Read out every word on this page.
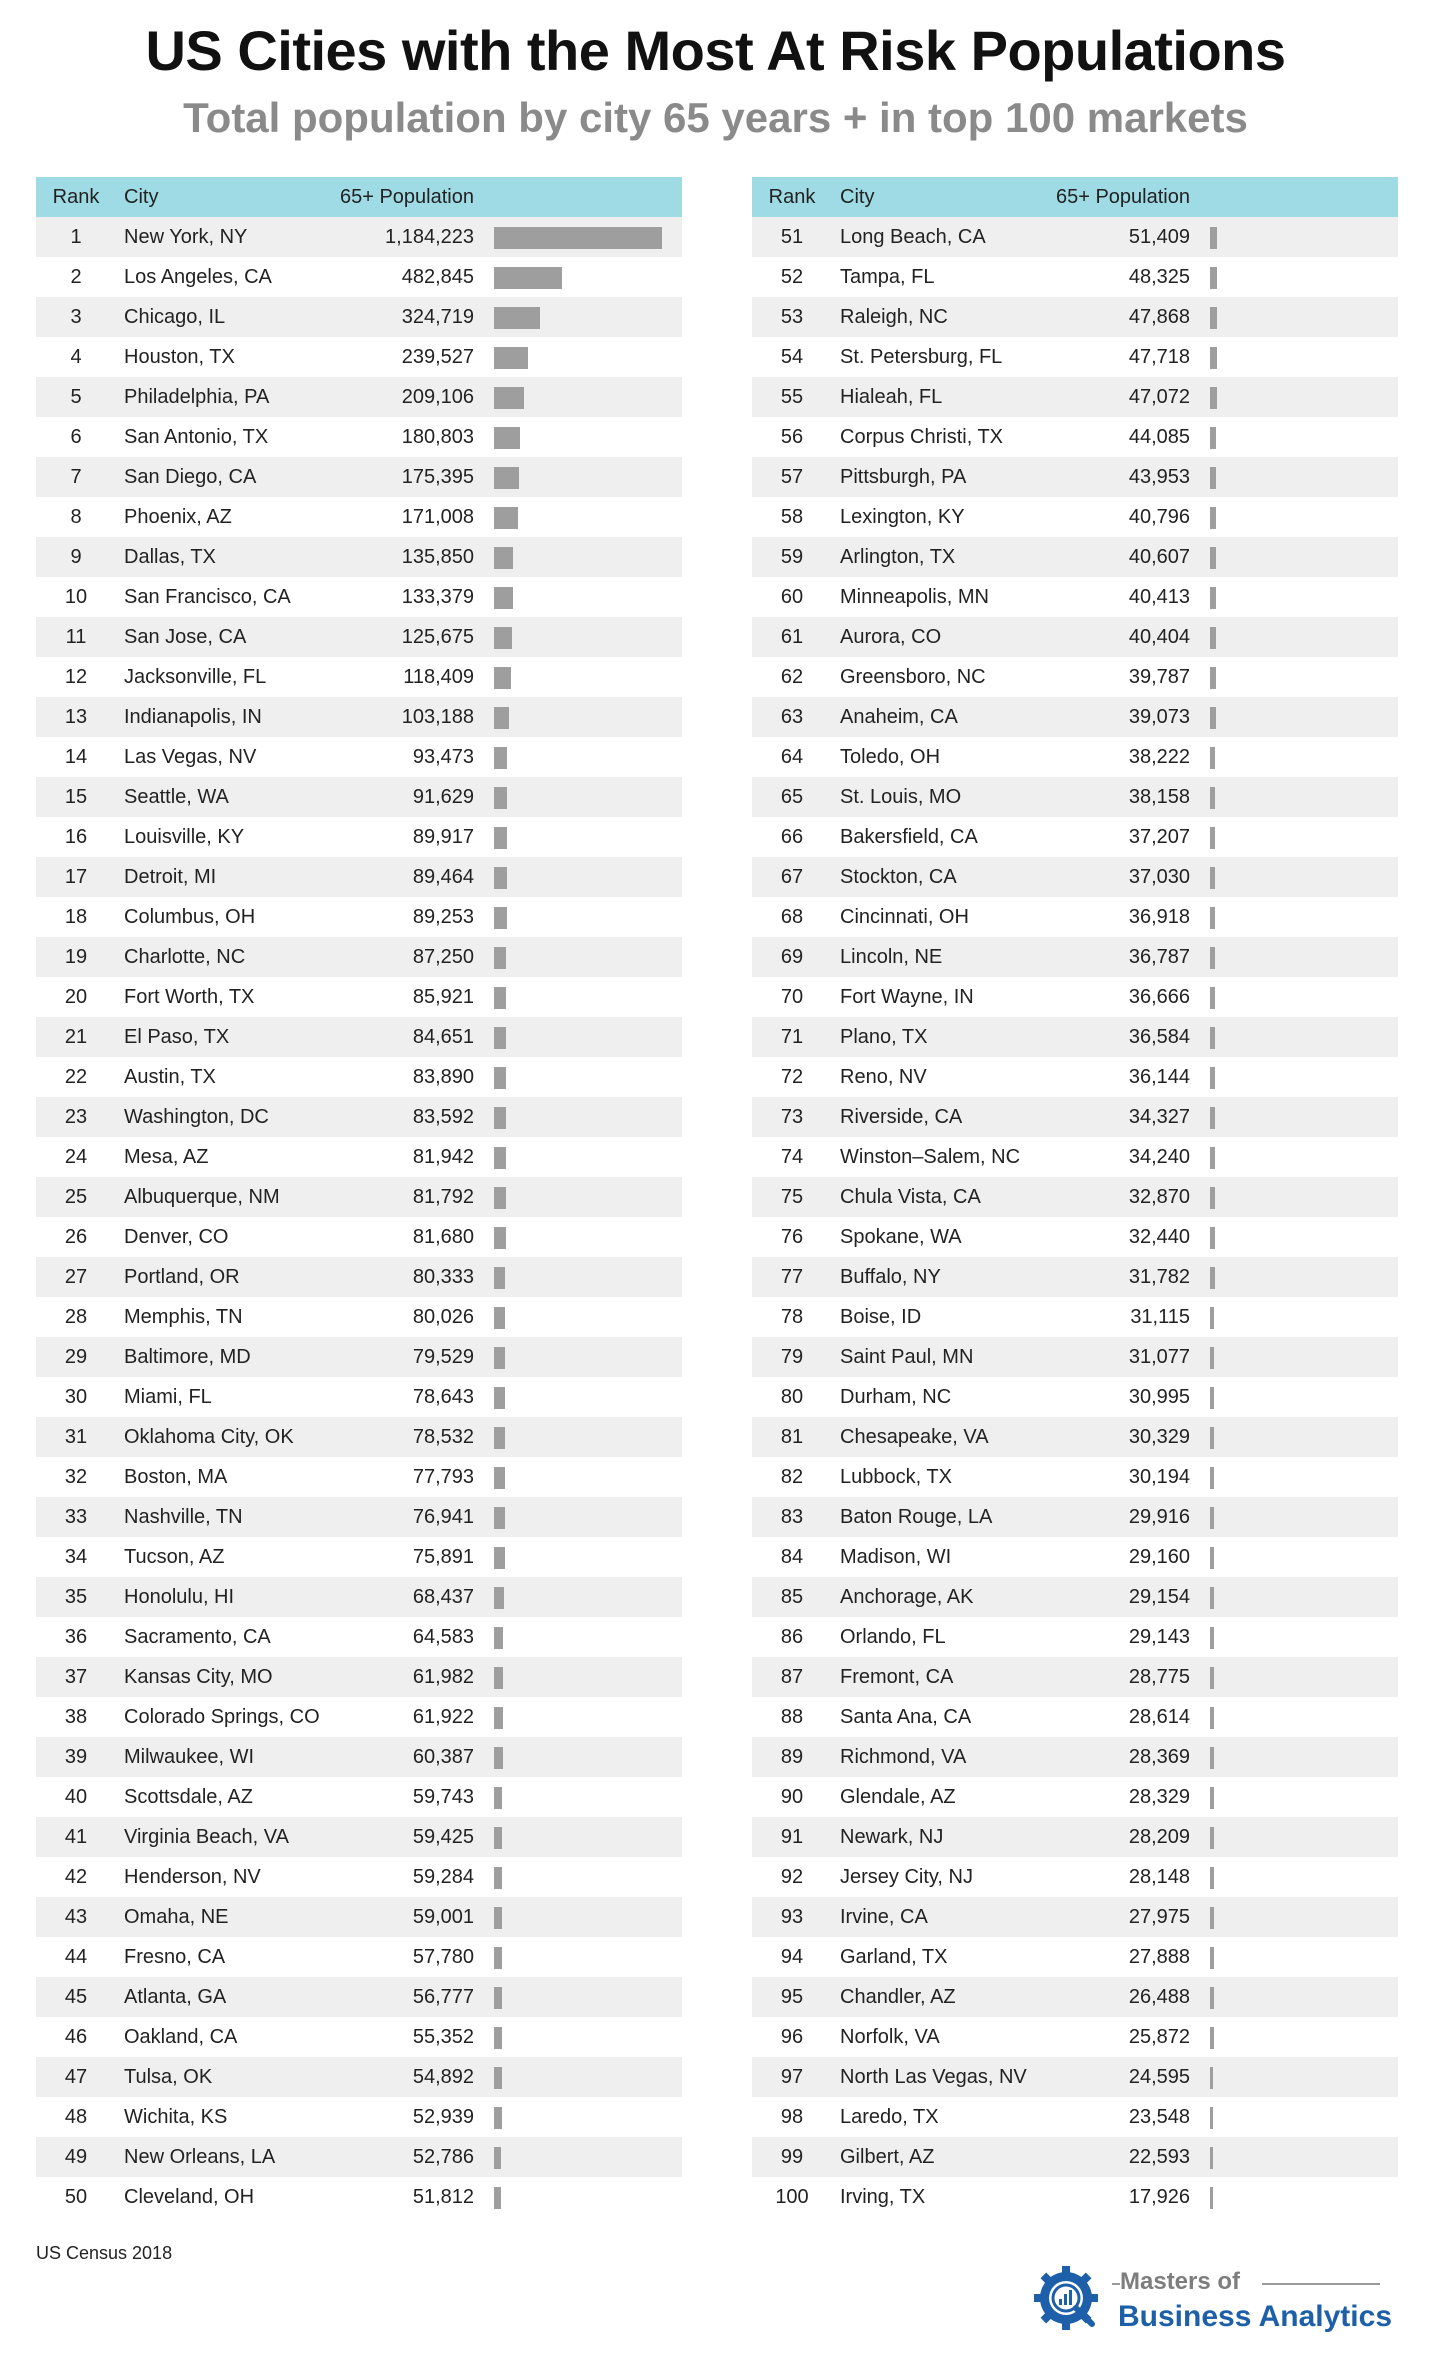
US Cities with the Most At Risk Populations
Total population by city 65 years + in top 100 markets
Rank	City	65+ Population
1	New York, NY	1,184,223
2	Los Angeles, CA	482,845
3	Chicago, IL	324,719
4	Houston, TX	239,527
5	Philadelphia, PA	209,106
6	San Antonio, TX	180,803
7	San Diego, CA	175,395
8	Phoenix, AZ	171,008
9	Dallas, TX	135,850
10	San Francisco, CA	133,379
11	San Jose, CA	125,675
12	Jacksonville, FL	118,409
13	Indianapolis, IN	103,188
14	Las Vegas, NV	93,473
15	Seattle, WA	91,629
16	Louisville, KY	89,917
17	Detroit, MI	89,464
18	Columbus, OH	89,253
19	Charlotte, NC	87,250
20	Fort Worth, TX	85,921
21	El Paso, TX	84,651
22	Austin, TX	83,890
23	Washington, DC	83,592
24	Mesa, AZ	81,942
25	Albuquerque, NM	81,792
26	Denver, CO	81,680
27	Portland, OR	80,333
28	Memphis, TN	80,026
29	Baltimore, MD	79,529
30	Miami, FL	78,643
31	Oklahoma City, OK	78,532
32	Boston, MA	77,793
33	Nashville, TN	76,941
34	Tucson, AZ	75,891
35	Honolulu, HI	68,437
36	Sacramento, CA	64,583
37	Kansas City, MO	61,982
38	Colorado Springs, CO	61,922
39	Milwaukee, WI	60,387
40	Scottsdale, AZ	59,743
41	Virginia Beach, VA	59,425
42	Henderson, NV	59,284
43	Omaha, NE	59,001
44	Fresno, CA	57,780
45	Atlanta, GA	56,777
46	Oakland, CA	55,352
47	Tulsa, OK	54,892
48	Wichita, KS	52,939
49	New Orleans, LA	52,786
50	Cleveland, OH	51,812
Rank	City	65+ Population
51	Long Beach, CA	51,409
52	Tampa, FL	48,325
53	Raleigh, NC	47,868
54	St. Petersburg, FL	47,718
55	Hialeah, FL	47,072
56	Corpus Christi, TX	44,085
57	Pittsburgh, PA	43,953
58	Lexington, KY	40,796
59	Arlington, TX	40,607
60	Minneapolis, MN	40,413
61	Aurora, CO	40,404
62	Greensboro, NC	39,787
63	Anaheim, CA	39,073
64	Toledo, OH	38,222
65	St. Louis, MO	38,158
66	Bakersfield, CA	37,207
67	Stockton, CA	37,030
68	Cincinnati, OH	36,918
69	Lincoln, NE	36,787
70	Fort Wayne, IN	36,666
71	Plano, TX	36,584
72	Reno, NV	36,144
73	Riverside, CA	34,327
74	Winston–Salem, NC	34,240
75	Chula Vista, CA	32,870
76	Spokane, WA	32,440
77	Buffalo, NY	31,782
78	Boise, ID	31,115
79	Saint Paul, MN	31,077
80	Durham, NC	30,995
81	Chesapeake, VA	30,329
82	Lubbock, TX	30,194
83	Baton Rouge, LA	29,916
84	Madison, WI	29,160
85	Anchorage, AK	29,154
86	Orlando, FL	29,143
87	Fremont, CA	28,775
88	Santa Ana, CA	28,614
89	Richmond, VA	28,369
90	Glendale, AZ	28,329
91	Newark, NJ	28,209
92	Jersey City, NJ	28,148
93	Irvine, CA	27,975
94	Garland, TX	27,888
95	Chandler, AZ	26,488
96	Norfolk, VA	25,872
97	North Las Vegas, NV	24,595
98	Laredo, TX	23,548
99	Gilbert, AZ	22,593
100	Irving, TX	17,926
US Census 2018
Masters of
Business Analytics
